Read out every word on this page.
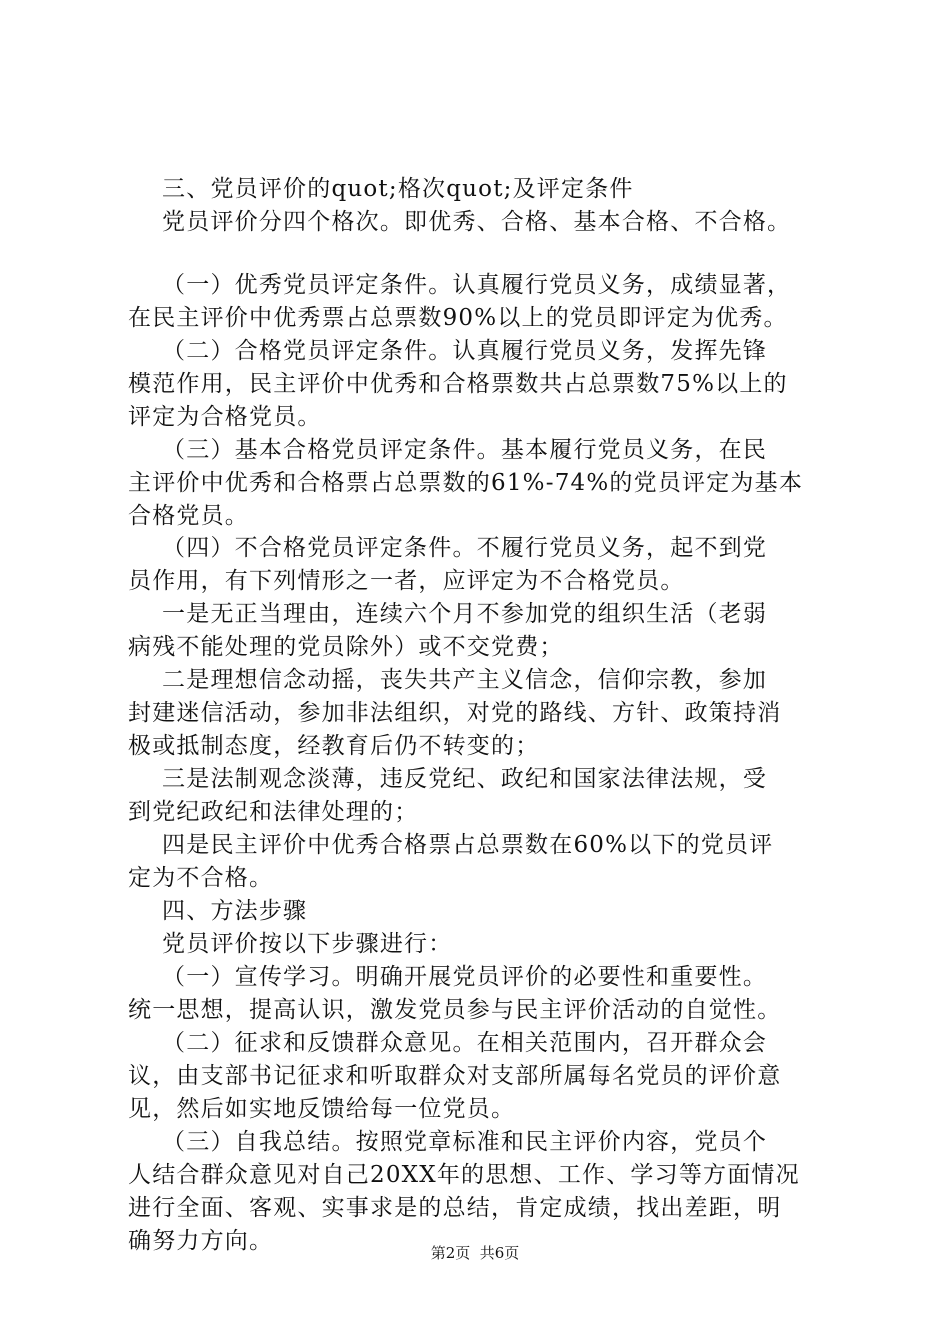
三、党员评价的quot;格次quot;及评定条件
党员评价分四个格次。即优秀、合格、基本合格、不合格。
（一）优秀党员评定条件。认真履行党员义务，成绩显著，
在民主评价中优秀票占总票数90%以上的党员即评定为优秀。
（二）合格党员评定条件。认真履行党员义务，发挥先锋
模范作用，民主评价中优秀和合格票数共占总票数75%以上的
评定为合格党员。
（三）基本合格党员评定条件。基本履行党员义务，在民
主评价中优秀和合格票占总票数的61%-74%的党员评定为基本
合格党员。
（四）不合格党员评定条件。不履行党员义务，起不到党
员作用，有下列情形之一者，应评定为不合格党员。
一是无正当理由，连续六个月不参加党的组织生活（老弱
病残不能处理的党员除外）或不交党费；
二是理想信念动摇，丧失共产主义信念，信仰宗教，参加
封建迷信活动，参加非法组织，对党的路线、方针、政策持消
极或抵制态度，经教育后仍不转变的；
三是法制观念淡薄，违反党纪、政纪和国家法律法规，受
到党纪政纪和法律处理的；
四是民主评价中优秀合格票占总票数在60%以下的党员评
定为不合格。
四、方法步骤
党员评价按以下步骤进行：
（一）宣传学习。明确开展党员评价的必要性和重要性。
统一思想，提高认识，激发党员参与民主评价活动的自觉性。
（二）征求和反馈群众意见。在相关范围内，召开群众会
议，由支部书记征求和听取群众对支部所属每名党员的评价意
见，然后如实地反馈给每一位党员。
（三）自我总结。按照党章标准和民主评价内容，党员个
人结合群众意见对自己20XX年的思想、工作、学习等方面情况
进行全面、客观、实事求是的总结，肯定成绩，找出差距，明
确努力方向。	第2页  共6页
